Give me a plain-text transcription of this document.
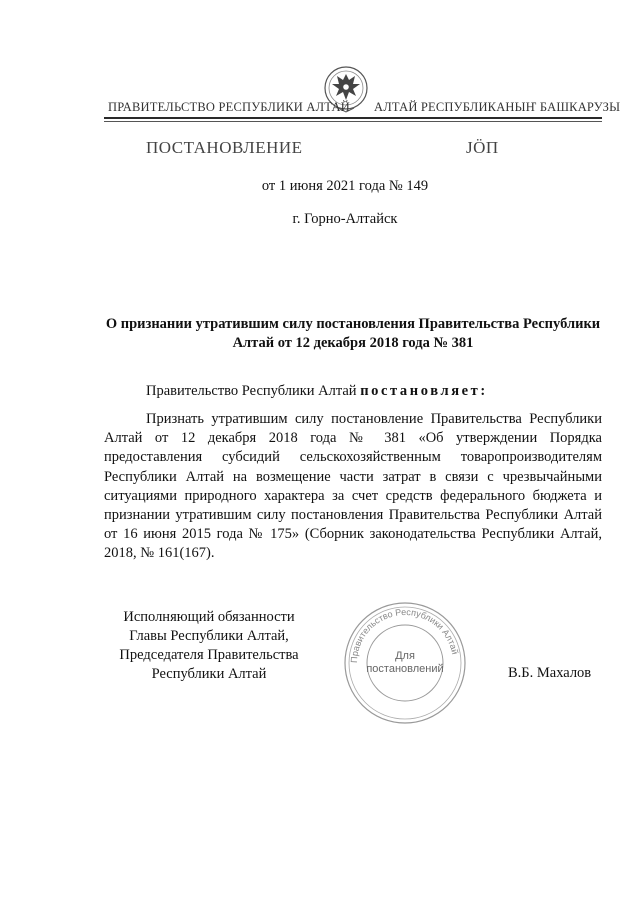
ПРАВИТЕЛЬСТВО РЕСПУБЛИКИ АЛТАЙ АЛТАЙ РЕСПУБЛИКАНЫҤ БАШКАРУЗЫ
ПОСТАНОВЛЕНИЕ	JÖП
от 1 июня 2021 года № 149
г. Горно-Алтайск
О признании утратившим силу постановления Правительства Республики Алтай от 12 декабря 2018 года № 381
Правительство Республики Алтай постановляет:
Признать утратившим силу постановление Правительства Республики Алтай от 12 декабря 2018 года № 381 «Об утверждении Порядка предоставления субсидий сельскохозяйственным товаропроизводителям Республики Алтай на возмещение части затрат в связи с чрезвычайными ситуациями природного характера за счет средств федерального бюджета и признании утратившим силу постановления Правительства Республики Алтай от 16 июня 2015 года № 175» (Сборник законодательства Республики Алтай, 2018, № 161(167).
Исполняющий обязанности
Главы Республики Алтай,
Председателя Правительства
Республики Алтай
Правительство Республики Алтай
Для
постановлений	В.Б. Махалов
